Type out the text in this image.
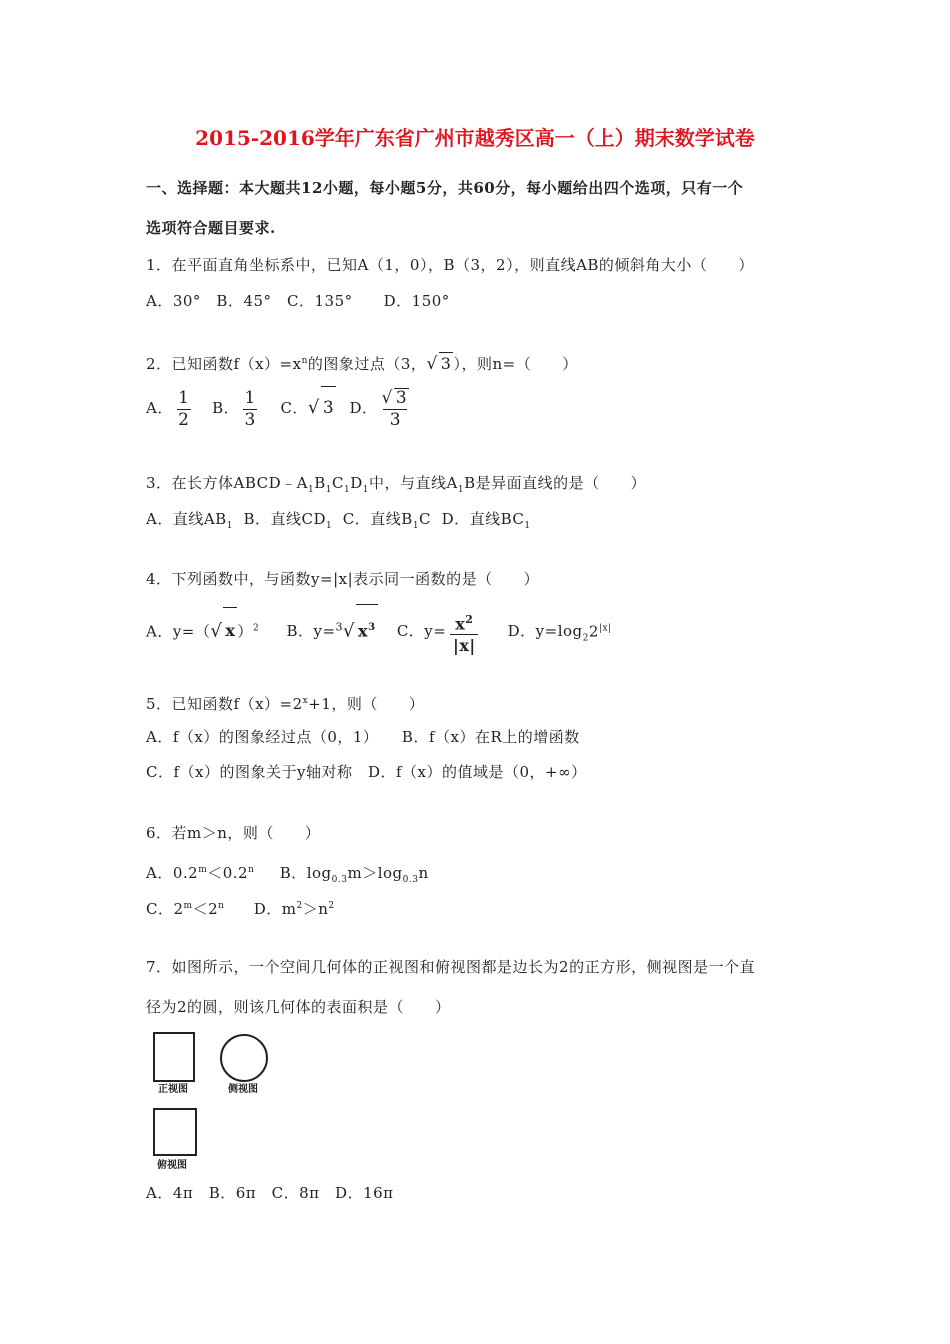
2015-2016学年广东省广州市越秀区高一（上）期末数学试卷
一、选择题：本大题共12小题，每小题5分，共60分，每小题给出四个选项，只有一个
选项符合题目要求.
1．在平面直角坐标系中，已知A（1，0），B（3，2），则直线AB的倾斜角大小（　　）
A．30°　B．45°　C．135°　　D．150°
2．已知函数$f(x)=x^n$的图象过点（3，√ 3 ），则n=（　　）
A． $\frac{1}{2}$ B． $\frac{1}{3}$ C．√ 3 D． $\frac{√ 3}{3}$
3．在长方体$ABCD﹣A_1B_1C_1D_1$中，与直线$A_1B$是异面直线的是（　　）
A．直线$AB_1$ B．直线$CD_1$ C．直线$B_1C$ D．直线$BC_1$
4．下列函数中，与函数y=|x|表示同一函数的是（　　）
A．y=（√ x ）$^2$ B．y=$^3$√ $x^3$ C．$y= \frac{x^2}{|x|}$ D．$y=\log_22^{|x|}$
5．已知函数$f(x)=2^x+1$，则（　　）
A．f（x）的图象经过点（0，1）　　B．f（x）在R上的增函数
C．f（x）的图象关于y轴对称　D．f（x）的值域是（0，+∞）
6．若m＞n，则（　　）
A．$0.2^m<0.2^n$ B．$\log_{0.3}m>\log_{0.3}n$
C．$2^m<2^n$ D．$m^2>n^2$
7．如图所示，一个空间几何体的正视图和俯视图都是边长为2的正方形，侧视图是一个直
径为2的圆，则该几何体的表面积是（　　）
正视图	侧视图
俯视图
A．4π　B．6π　C．8π　D．16π
